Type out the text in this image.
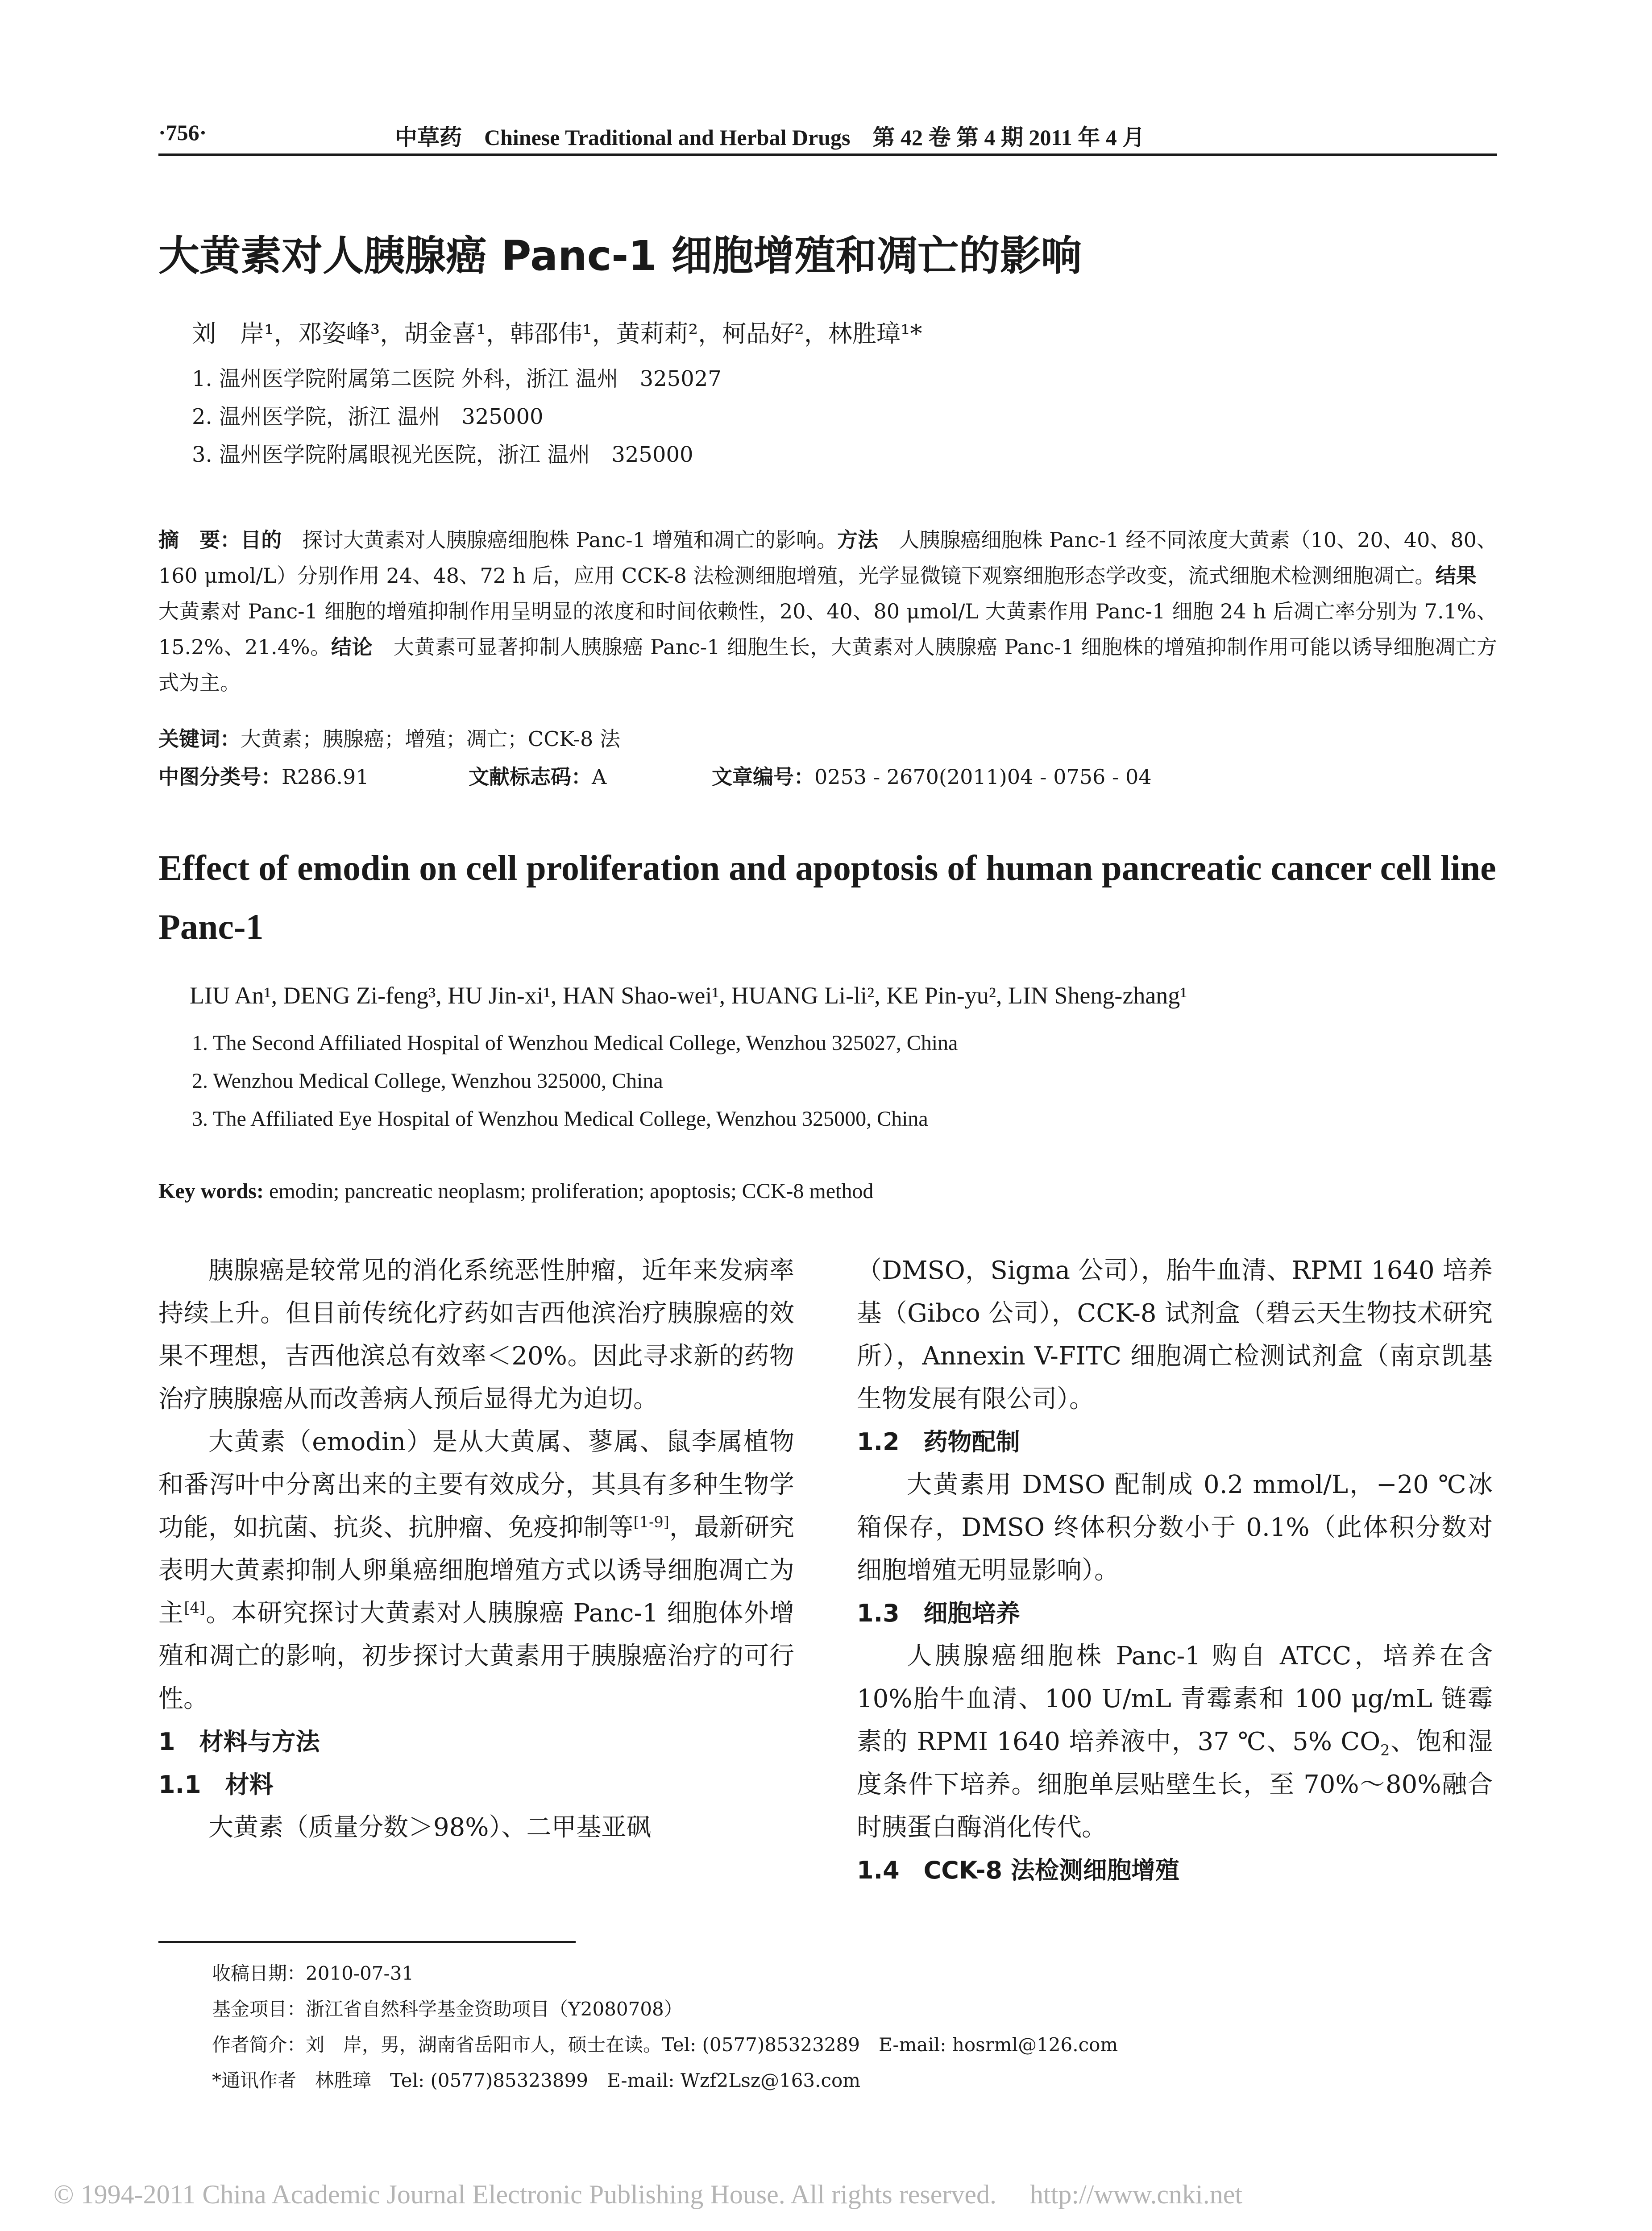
·756·	中草药　Chinese Traditional and Herbal Drugs　第 42 卷 第 4 期 2011 年 4 月
大黄素对人胰腺癌 Panc-1 细胞增殖和凋亡的影响
刘　岸¹，邓姿峰³，胡金喜¹，韩邵伟¹，黄莉莉²，柯品好²，林胜璋¹*
1. 温州医学院附属第二医院 外科，浙江 温州　325027
2. 温州医学院，浙江 温州　325000
3. 温州医学院附属眼视光医院，浙江 温州　325000
摘　要：目的　探讨大黄素对人胰腺癌细胞株 Panc-1 增殖和凋亡的影响。方法　人胰腺癌细胞株 Panc-1 经不同浓度大黄素（10、20、40、80、160 μmol/L）分别作用 24、48、72 h 后，应用 CCK-8 法检测细胞增殖，光学显微镜下观察细胞形态学改变，流式细胞术检测细胞凋亡。结果　大黄素对 Panc-1 细胞的增殖抑制作用呈明显的浓度和时间依赖性，20、40、80 μmol/L 大黄素作用 Panc-1 细胞 24 h 后凋亡率分别为 7.1%、15.2%、21.4%。结论　大黄素可显著抑制人胰腺癌 Panc-1 细胞生长，大黄素对人胰腺癌 Panc-1 细胞株的增殖抑制作用可能以诱导细胞凋亡方式为主。
关键词：大黄素；胰腺癌；增殖；凋亡；CCK-8 法
中图分类号：R286.91	文献标志码：A	文章编号：0253 - 2670(2011)04 - 0756 - 04
Effect of emodin on cell proliferation and apoptosis of human pancreatic cancer cell line Panc-1
LIU An¹, DENG Zi-feng³, HU Jin-xi¹, HAN Shao-wei¹, HUANG Li-li², KE Pin-yu², LIN Sheng-zhang¹
1. The Second Affiliated Hospital of Wenzhou Medical College, Wenzhou 325027, China
2. Wenzhou Medical College, Wenzhou 325000, China
3. The Affiliated Eye Hospital of Wenzhou Medical College, Wenzhou 325000, China
Key words: emodin; pancreatic neoplasm; proliferation; apoptosis; CCK-8 method

胰腺癌是较常见的消化系统恶性肿瘤，近年来发病率持续上升。但目前传统化疗药如吉西他滨治疗胰腺癌的效果不理想，吉西他滨总有效率＜20%。因此寻求新的药物治疗胰腺癌从而改善病人预后显得尤为迫切。

大黄素（emodin）是从大黄属、蓼属、鼠李属植物和番泻叶中分离出来的主要有效成分，其具有多种生物学功能，如抗菌、抗炎、抗肿瘤、免疫抑制等[1-9]，最新研究表明大黄素抑制人卵巢癌细胞增殖方式以诱导细胞凋亡为主[4]。本研究探讨大黄素对人胰腺癌 Panc-1 细胞体外增殖和凋亡的影响，初步探讨大黄素用于胰腺癌治疗的可行性。

1　材料与方法

1.1　材料

大黄素（质量分数＞98%）、二甲基亚砜

（DMSO，Sigma 公司），胎牛血清、RPMI 1640 培养基（Gibco 公司），CCK-8 试剂盒（碧云天生物技术研究所），Annexin V-FITC 细胞凋亡检测试剂盒（南京凯基生物发展有限公司）。

1.2　药物配制

大黄素用 DMSO 配制成 0.2 mmol/L，−20 ℃冰箱保存，DMSO 终体积分数小于 0.1%（此体积分数对细胞增殖无明显影响）。

1.3　细胞培养

人胰腺癌细胞株 Panc-1 购自 ATCC，培养在含 10%胎牛血清、100 U/mL 青霉素和 100 μg/mL 链霉素的 RPMI 1640 培养液中，37 ℃、5% $CO_2$、饱和湿度条件下培养。细胞单层贴壁生长，至 70%～80%融合时胰蛋白酶消化传代。

1.4　CCK-8 法检测细胞增殖

收稿日期：2010-07-31
基金项目：浙江省自然科学基金资助项目（Y2080708）
作者简介：刘　岸，男，湖南省岳阳市人，硕士在读。Tel: (0577)85323289　E-mail: hosrml@126.com
*通讯作者　林胜璋　Tel: (0577)85323899　E-mail: Wzf2Lsz@163.com
© 1994-2011 China Academic Journal Electronic Publishing House. All rights reserved.　 http://www.cnki.net
